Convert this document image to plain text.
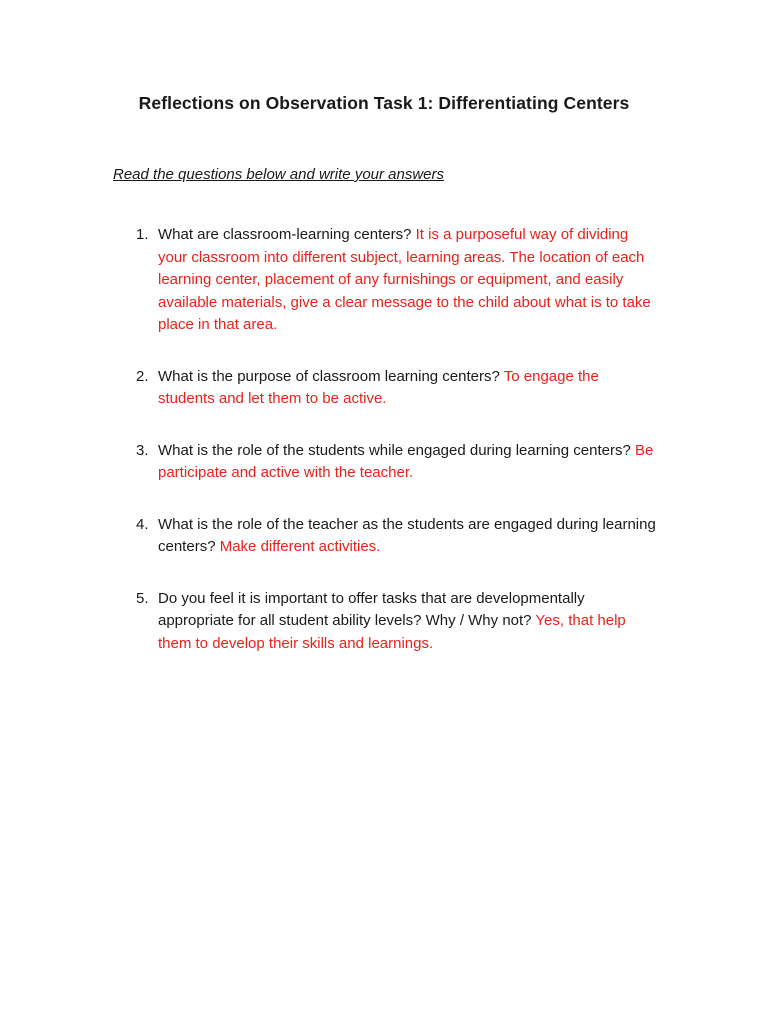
Reflections on Observation Task 1: Differentiating Centers
Read the questions below and write your answers
1. What are classroom-learning centers? It is a purposeful way of dividing your classroom into different subject, learning areas. The location of each learning center, placement of any furnishings or equipment, and easily available materials, give a clear message to the child about what is to take place in that area.
2. What is the purpose of classroom learning centers? To engage the students and let them to be active.
3. What is the role of the students while engaged during learning centers? Be participate and active with the teacher.
4. What is the role of the teacher as the students are engaged during learning centers? Make different activities.
5. Do you feel it is important to offer tasks that are developmentally appropriate for all student ability levels? Why / Why not? Yes, that help them to develop their skills and learnings.
